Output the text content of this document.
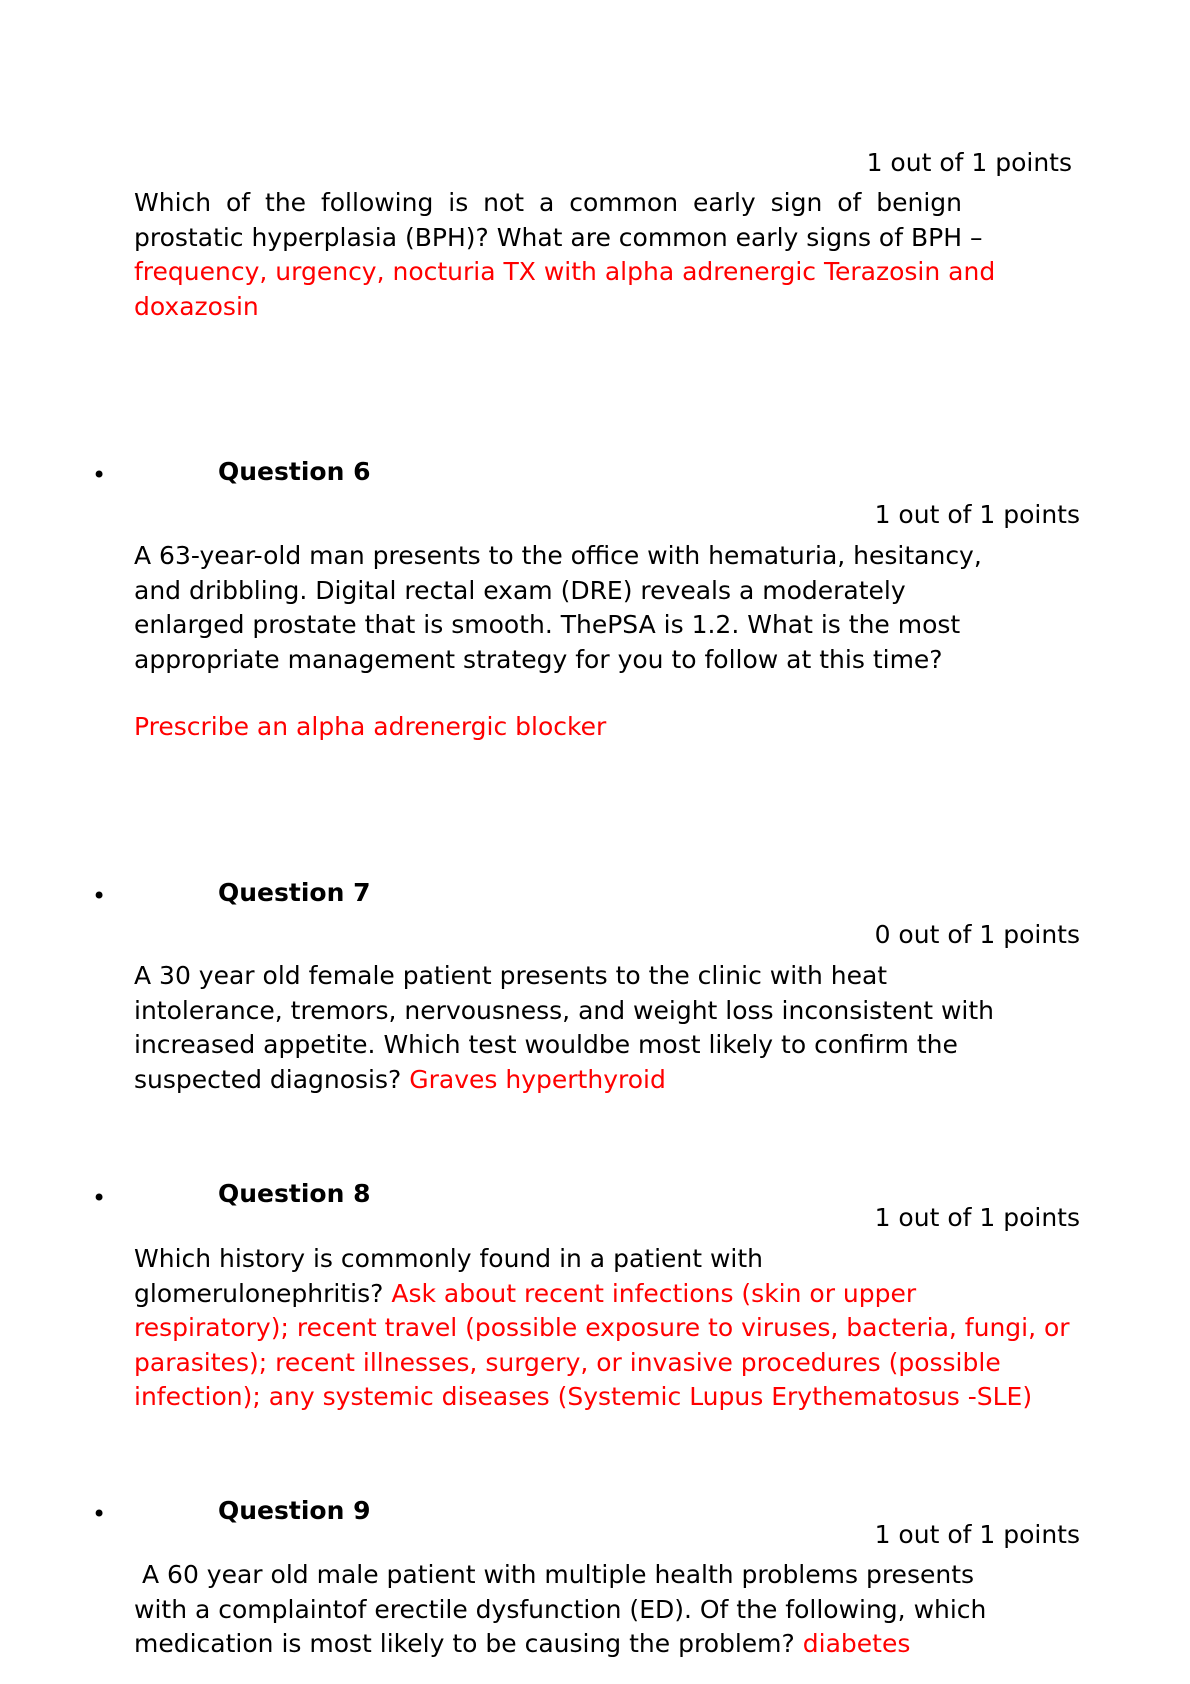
1 out of 1 points
Which of the following is not a common early sign of benign
prostatic hyperplasia (BPH)? What are common early signs of BPH –
frequency, urgency, nocturia TX with alpha adrenergic Terazosin and
doxazosin
•	Question 6
1 out of 1 points
A 63-year-old man presents to the office with hematuria, hesitancy,
and dribbling. Digital rectal exam (DRE) reveals a moderately
enlarged prostate that is smooth. ThePSA is 1.2. What is the most
appropriate management strategy for you to follow at this time?
Prescribe an alpha adrenergic blocker
•	Question 7
0 out of 1 points
A 30 year old female patient presents to the clinic with heat
intolerance, tremors, nervousness, and weight loss inconsistent with
increased appetite. Which test wouldbe most likely to confirm the
suspected diagnosis? Graves hyperthyroid
•	Question 8
1 out of 1 points
Which history is commonly found in a patient with
glomerulonephritis? Ask about recent infections (skin or upper
respiratory); recent travel (possible exposure to viruses, bacteria, fungi, or
parasites); recent illnesses, surgery, or invasive procedures (possible
infection); any systemic diseases (Systemic Lupus Erythematosus -SLE)
•	Question 9
1 out of 1 points
A 60 year old male patient with multiple health problems presents
with a complaintof erectile dysfunction (ED). Of the following, which
medication is most likely to be causing the problem? diabetes
